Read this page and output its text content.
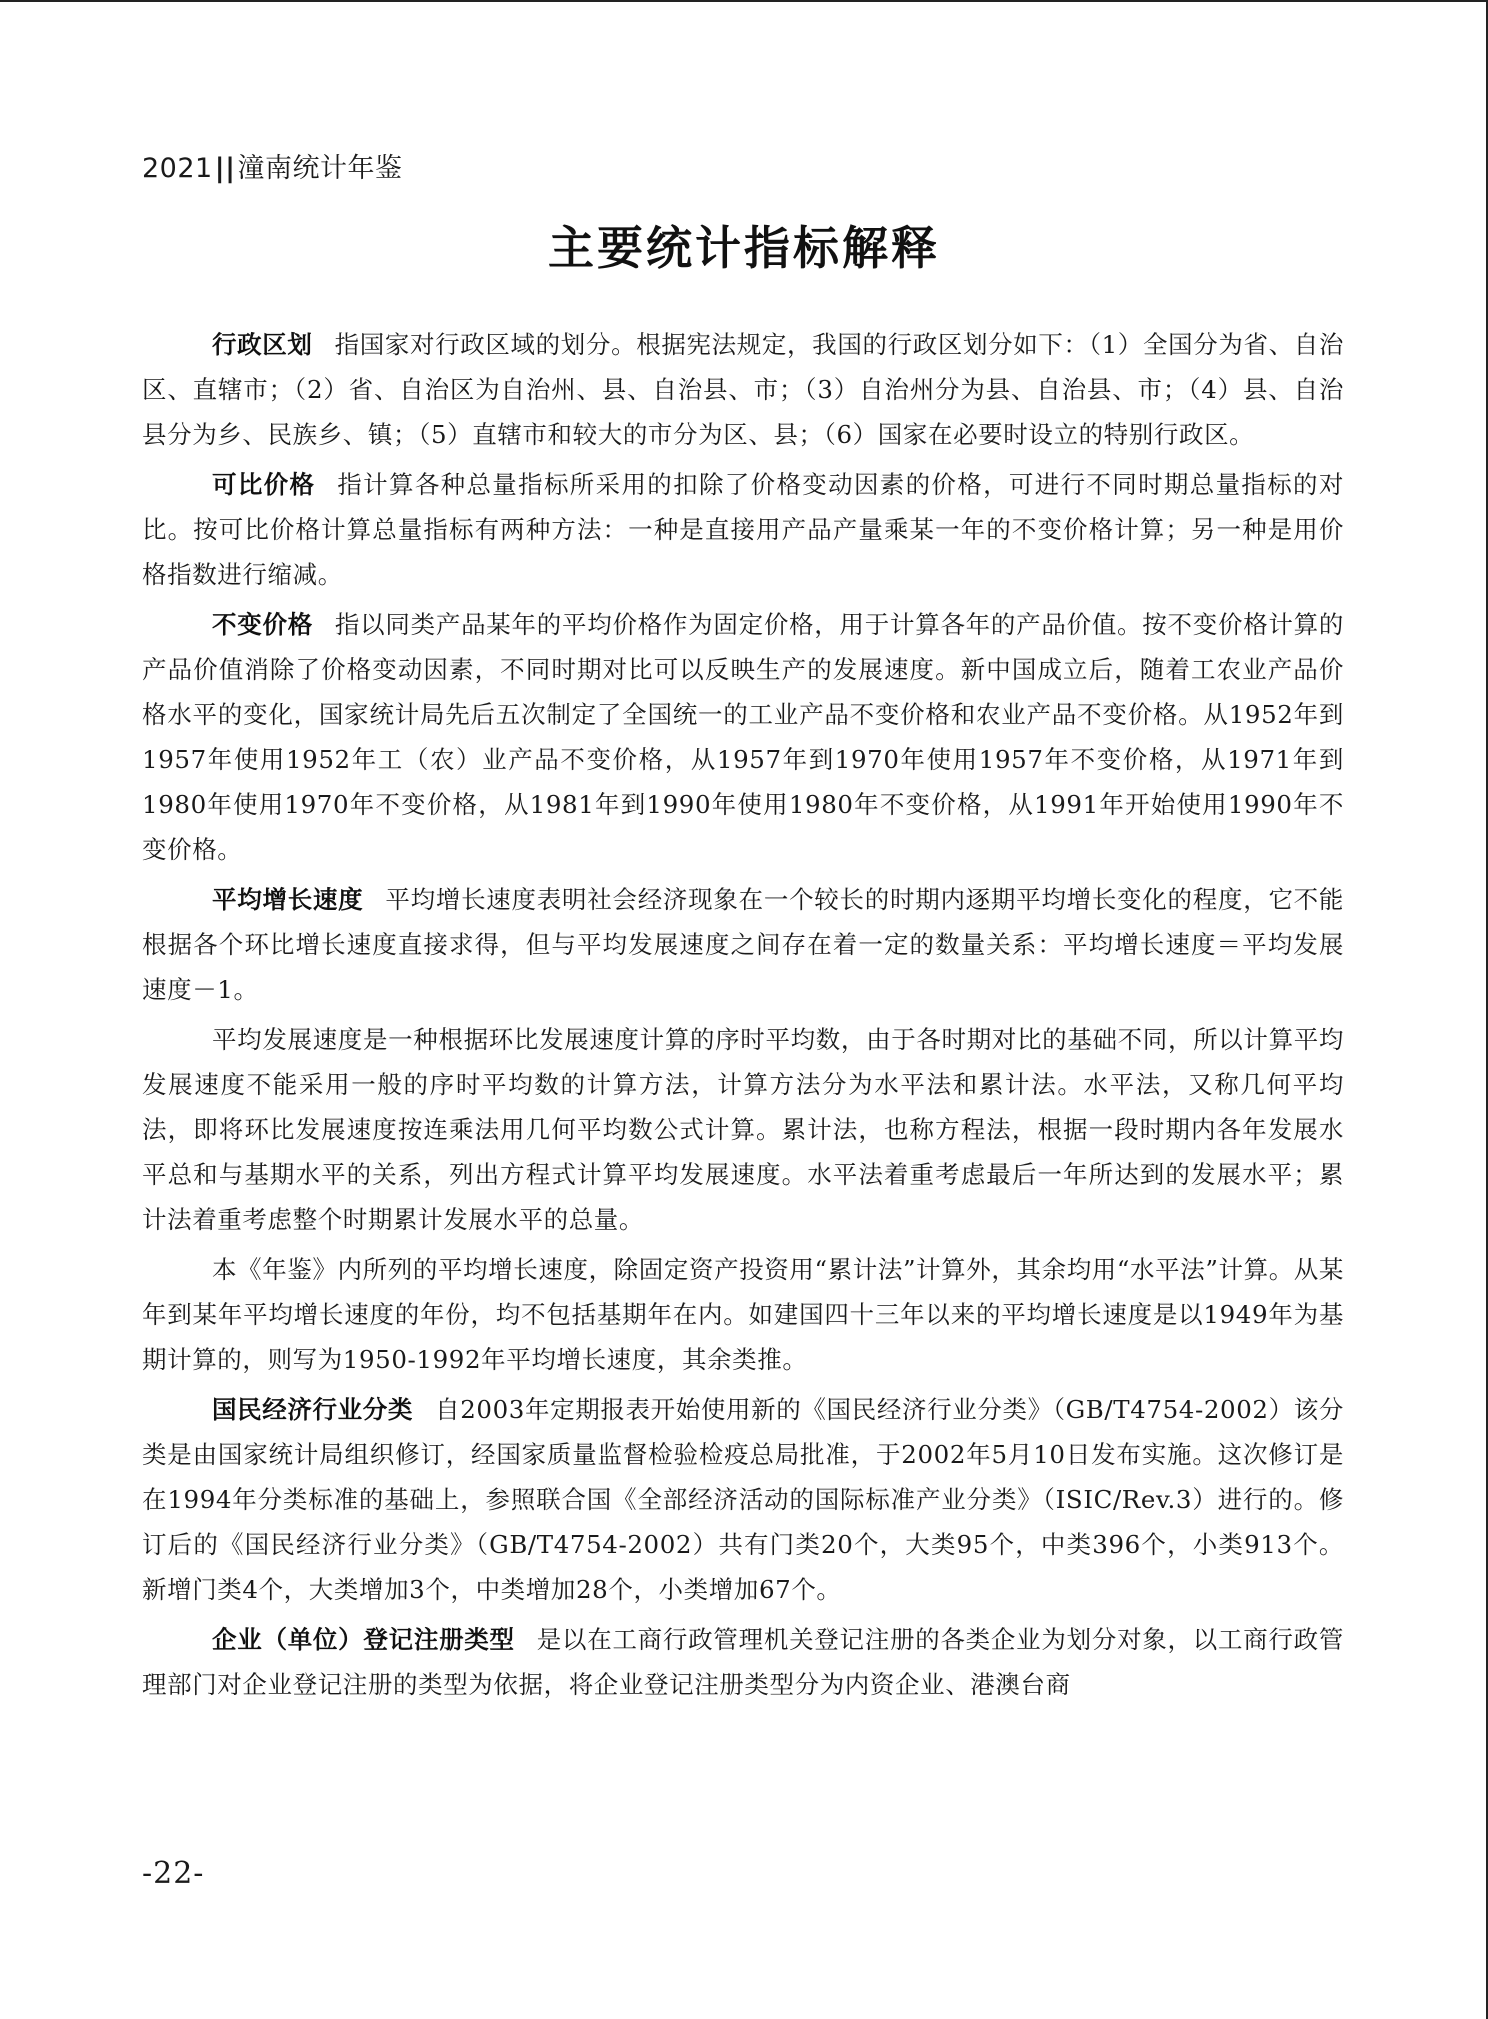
2021||潼南统计年鉴
主要统计指标解释

行政区划 指国家对行政区域的划分。根据宪法规定，我国的行政区划分如下：（1）全国分为省、自治区、直辖市；（2）省、自治区为自治州、县、自治县、市；（3）自治州分为县、自治县、市；（4）县、自治县分为乡、民族乡、镇；（5）直辖市和较大的市分为区、县；（6）国家在必要时设立的特别行政区。

可比价格 指计算各种总量指标所采用的扣除了价格变动因素的价格，可进行不同时期总量指标的对比。按可比价格计算总量指标有两种方法：一种是直接用产品产量乘某一年的不变价格计算；另一种是用价格指数进行缩减。

不变价格 指以同类产品某年的平均价格作为固定价格，用于计算各年的产品价值。按不变价格计算的产品价值消除了价格变动因素，不同时期对比可以反映生产的发展速度。新中国成立后，随着工农业产品价格水平的变化，国家统计局先后五次制定了全国统一的工业产品不变价格和农业产品不变价格。从1952年到1957年使用1952年工（农）业产品不变价格，从1957年到1970年使用1957年不变价格，从1971年到1980年使用1970年不变价格，从1981年到1990年使用1980年不变价格，从1991年开始使用1990年不变价格。

平均增长速度 平均增长速度表明社会经济现象在一个较长的时期内逐期平均增长变化的程度，它不能根据各个环比增长速度直接求得，但与平均发展速度之间存在着一定的数量关系：平均增长速度＝平均发展速度－1。

平均发展速度是一种根据环比发展速度计算的序时平均数，由于各时期对比的基础不同，所以计算平均发展速度不能采用一般的序时平均数的计算方法，计算方法分为水平法和累计法。水平法，又称几何平均法，即将环比发展速度按连乘法用几何平均数公式计算。累计法，也称方程法，根据一段时期内各年发展水平总和与基期水平的关系，列出方程式计算平均发展速度。水平法着重考虑最后一年所达到的发展水平；累计法着重考虑整个时期累计发展水平的总量。

本《年鉴》内所列的平均增长速度，除固定资产投资用“累计法”计算外，其余均用“水平法”计算。从某年到某年平均增长速度的年份，均不包括基期年在内。如建国四十三年以来的平均增长速度是以1949年为基期计算的，则写为1950-1992年平均增长速度，其余类推。

国民经济行业分类 自2003年定期报表开始使用新的《国民经济行业分类》（GB/T4754-2002）该分类是由国家统计局组织修订，经国家质量监督检验检疫总局批准，于2002年5月10日发布实施。这次修订是在1994年分类标准的基础上，参照联合国《全部经济活动的国际标准产业分类》（ISIC/Rev.3）进行的。修订后的《国民经济行业分类》（GB/T4754-2002）共有门类20个，大类95个，中类396个，小类913个。新增门类4个，大类增加3个，中类增加28个，小类增加67个。

企业（单位）登记注册类型 是以在工商行政管理机关登记注册的各类企业为划分对象，以工商行政管理部门对企业登记注册的类型为依据，将企业登记注册类型分为内资企业、港澳台商

-22-
